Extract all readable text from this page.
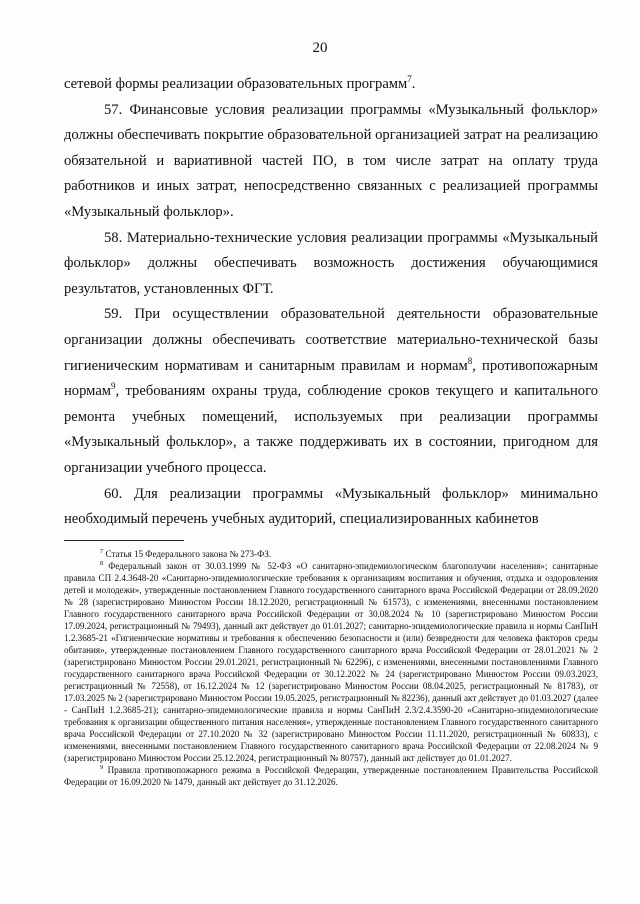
20

сетевой формы реализации образовательных программ$^7$.

57. Финансовые условия реализации программы «Музыкальный фольклор» должны обеспечивать покрытие образовательной организацией затрат на реализацию обязательной и вариативной частей ПО, в том числе затрат на оплату труда работников и иных затрат, непосредственно связанных с реализацией программы «Музыкальный фольклор».

58. Материально-технические условия реализации программы «Музыкальный фольклор» должны обеспечивать возможность достижения обучающимися результатов, установленных ФГТ.

59. При осуществлении образовательной деятельности образовательные организации должны обеспечивать соответствие материально-технической базы гигиеническим нормативам и санитарным правилам и нормам$^8$, противопожарным нормам$^9$, требованиям охраны труда, соблюдение сроков текущего и капитального ремонта учебных помещений, используемых при реализации программы «Музыкальный фольклор», а также поддерживать их в состоянии, пригодном для организации учебного процесса.

60. Для реализации программы «Музыкальный фольклор» минимально необходимый перечень учебных аудиторий, специализированных кабинетов

$^7$ Статья 15 Федерального закона № 273-ФЗ.

$^8$ Федеральный закон от 30.03.1999 № 52-ФЗ «О санитарно-эпидемиологическом благополучии населения»; санитарные правила СП 2.4.3648-20 «Санитарно-эпидемиологические требования к организациям воспитания и обучения, отдыха и оздоровления детей и молодежи», утвержденные постановлением Главного государственного санитарного врача Российской Федерации от 28.09.2020 № 28 (зарегистрировано Минюстом России 18.12.2020, регистрационный № 61573), с изменениями, внесенными постановлением Главного государственного санитарного врача Российской Федерации от 30.08.2024 № 10 (зарегистрировано Минюстом России 17.09.2024, регистрационный № 79493), данный акт действует до 01.01.2027; санитарно-эпидемиологические правила и нормы СанПиН 1.2.3685-21 «Гигиенические нормативы и требования к обеспечению безопасности и (или) безвредности для человека факторов среды обитания», утвержденные постановлением Главного государственного санитарного врача Российской Федерации от 28.01.2021 № 2 (зарегистрировано Минюстом России 29.01.2021, регистрационный № 62296), с изменениями, внесенными постановлениями Главного государственного санитарного врача Российской Федерации от 30.12.2022 № 24 (зарегистрировано Минюстом России 09.03.2023, регистрационный № 72558), от 16.12.2024 № 12 (зарегистрировано Минюстом России 08.04.2025, регистрационный № 81783), от 17.03.2025 № 2 (зарегистрировано Минюстом России 19.05.2025, регистрационный № 82236), данный акт действует до 01.03.2027 (далее - СанПиН 1.2.3685-21); санитарно-эпидемиологические правила и нормы СанПиН 2.3/2.4.3590-20 «Санитарно-эпидемиологические требования к организации общественного питания населения», утвержденные постановлением Главного государственного санитарного врача Российской Федерации от 27.10.2020 № 32 (зарегистрировано Минюстом России 11.11.2020, регистрационный № 60833), с изменениями, внесенными постановлением Главного государственного санитарного врача Российской Федерации от 22.08.2024 № 9 (зарегистрировано Минюстом России 25.12.2024, регистрационный № 80757), данный акт действует до 01.01.2027.

$^9$ Правила противопожарного режима в Российской Федерации, утвержденные постановлением Правительства Российской Федерации от 16.09.2020 № 1479, данный акт действует до 31.12.2026.
